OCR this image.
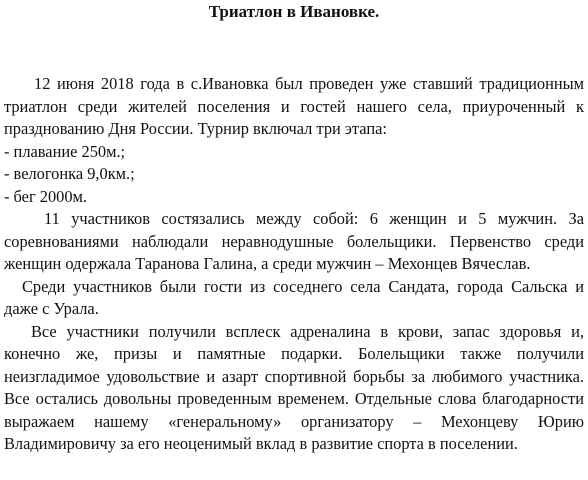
Триатлон в Ивановке.

12 июня 2018 года в с.Ивановка был проведен уже ставший традиционным триатлон среди жителей поселения и гостей нашего села, приуроченный к празднованию Дня России. Турнир включал три этапа:

- плавание 250м.;

- велогонка 9,0км.;

- бег 2000м.

11 участников состязались между собой: 6 женщин и 5 мужчин. За соревнованиями наблюдали неравнодушные болельщики. Первенство среди женщин одержала Таранова Галина, а среди мужчин – Мехонцев Вячеслав.

Среди участников были гости из соседнего села Сандата, города Сальска и даже с Урала.

Все участники получили всплеск адреналина в крови, запас здоровья и, конечно же, призы и памятные подарки. Болельщики также получили неизгладимое удовольствие и азарт спортивной борьбы за любимого участника. Все остались довольны проведенным временем. Отдельные слова благодарности выражаем нашему «генеральному» организатору – Мехонцеву Юрию Владимировичу за его неоценимый вклад в развитие спорта в поселении.
